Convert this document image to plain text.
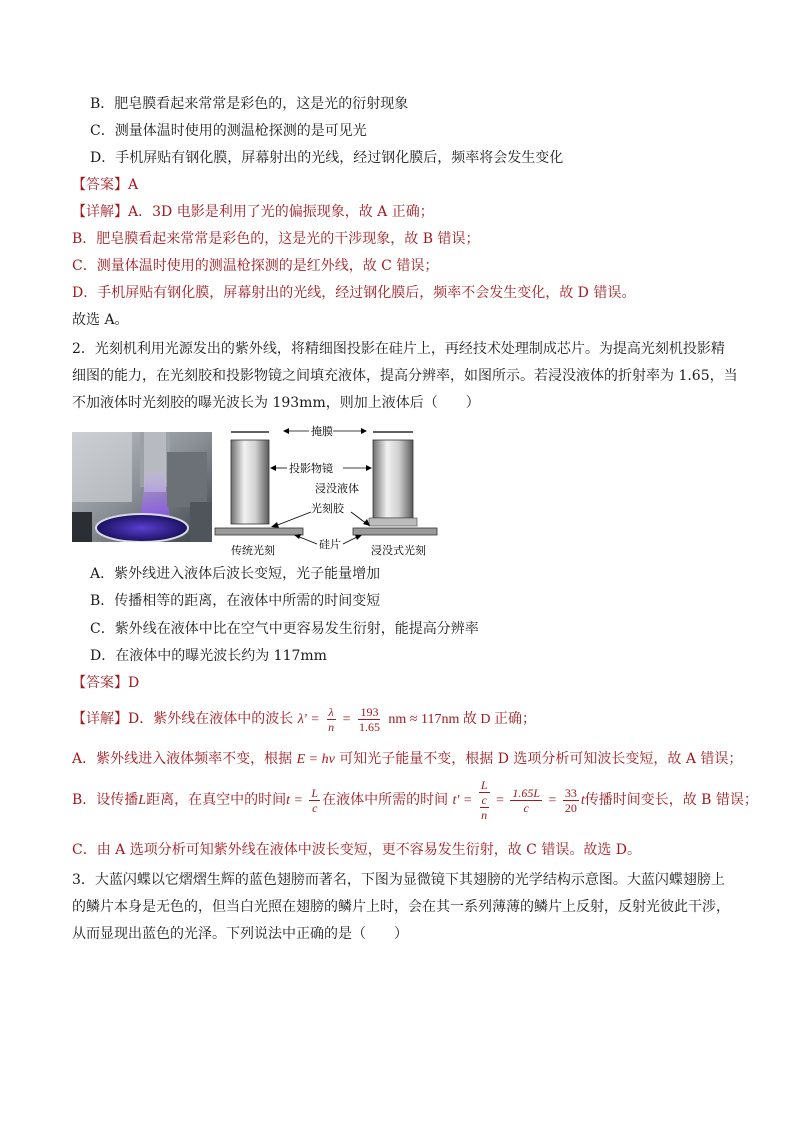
B．肥皂膜看起来常常是彩色的，这是光的衍射现象
C．测量体温时使用的测温枪探测的是可见光
D．手机屏贴有钢化膜，屏幕射出的光线，经过钢化膜后，频率将会发生变化
【答案】A
【详解】A．3D 电影是利用了光的偏振现象，故 A 正确；
B．肥皂膜看起来常常是彩色的，这是光的干涉现象，故 B 错误；
C．测量体温时使用的测温枪探测的是红外线，故 C 错误；
D．手机屏贴有钢化膜，屏幕射出的光线，经过钢化膜后，频率不会发生变化，故 D 错误。
故选 A。
2．光刻机利用光源发出的紫外线，将精细图投影在硅片上，再经技术处理制成芯片。为提高光刻机投影精
细图的能力，在光刻胶和投影物镜之间填充液体，提高分辨率，如图所示。若浸没液体的折射率为 1.65，当
不加液体时光刻胶的曝光波长为 193mm，则加上液体后（　　）
掩膜
投影物镜
浸没液体
光刻胶
硅片
传统光刻	浸没式光刻
A．紫外线进入液体后波长变短，光子能量增加
B．传播相等的距离，在液体中所需的时间变短
C．紫外线在液体中比在空气中更容易发生衍射，能提高分辨率
D．在液体中的曝光波长约为 117mm
【答案】D
【详解】D．紫外线在液体中的波长 $\lambda' = \frac{\lambda}{n} = \frac{193}{1.65}$ nm ≈ 117nm 故 D 正确；
A．紫外线进入液体频率不变，根据 E = hν 可知光子能量不变，根据 D 选项分析可知波长变短，故 A 错误；
B．设传播L距离，在真空中的时间$t = \frac{L}{c}$ 在液体中所需的时间 $t' = \frac{L}{\frac{c}{n}} = \frac{1.65L}{c} = \frac{33}{20}$ t传播时间变长，故 B 错误；
C．由 A 选项分析可知紫外线在液体中波长变短，更不容易发生衍射，故 C 错误。故选 D。
3．大蓝闪蝶以它熠熠生辉的蓝色翅膀而著名，下图为显微镜下其翅膀的光学结构示意图。大蓝闪蝶翅膀上
的鳞片本身是无色的，但当白光照在翅膀的鳞片上时，会在其一系列薄薄的鳞片上反射，反射光彼此干涉，
从而显现出蓝色的光泽。下列说法中正确的是（　　）
